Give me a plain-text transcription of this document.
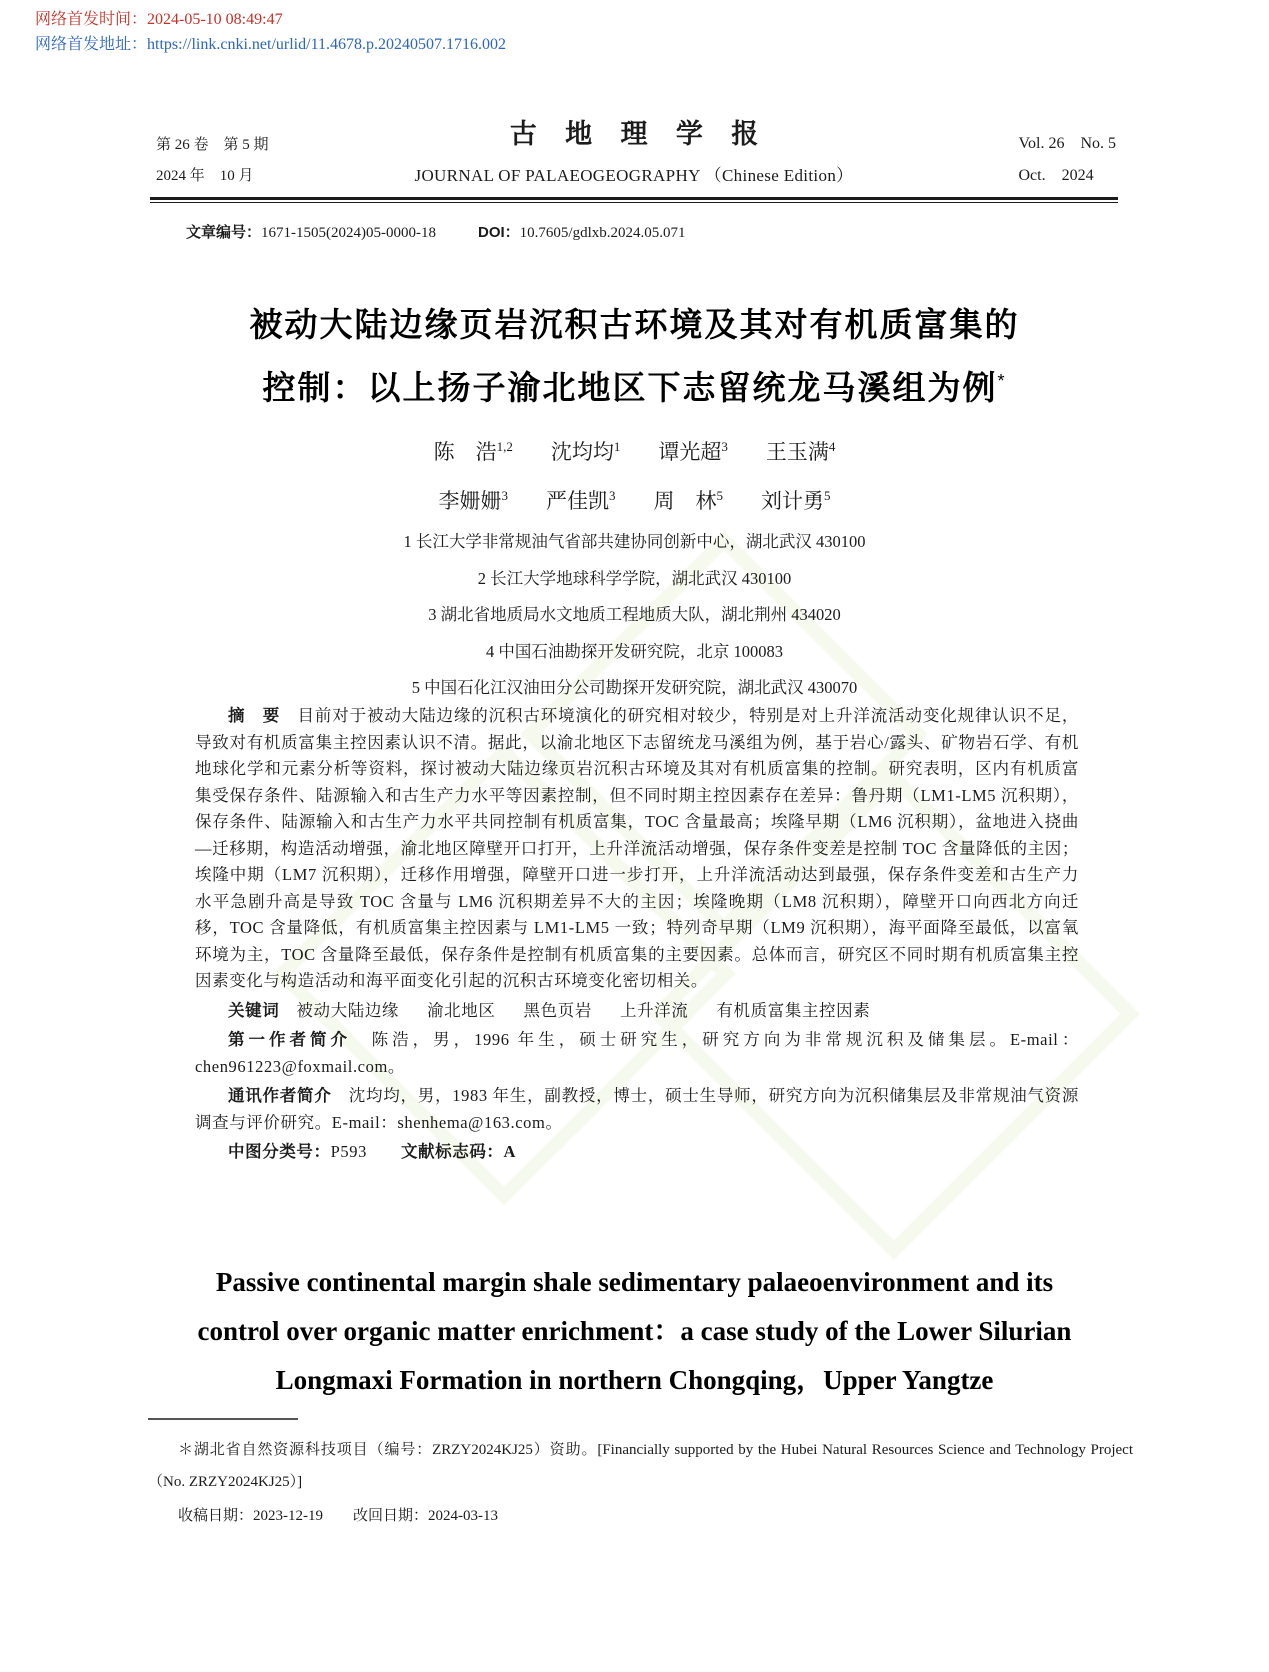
网络首发时间：2024-05-10 08:49:47
网络首发地址：https://link.cnki.net/urlid/11.4678.p.20240507.1716.002
第 26 卷　第 5 期
2024 年　10 月
古地理学报
JOURNAL OF PALAEOGEOGRAPHY （Chinese Edition）
Vol. 26　No. 5
Oct.　2024
文章编号：1671-1505(2024)05-0000-18	DOI：10.7605/gdlxb.2024.05.071
被动大陆边缘页岩沉积古环境及其对有机质富集的
控制：以上扬子渝北地区下志留统龙马溪组为例*
陈　浩$^{1,2}$ 沈均均$^1$ 谭光超$^3$ 王玉满$^4$
李姗姗$^3$ 严佳凯$^3$ 周　林$^5$ 刘计勇$^5$
1 长江大学非常规油气省部共建协同创新中心，湖北武汉 430100
2 长江大学地球科学学院，湖北武汉 430100
3 湖北省地质局水文地质工程地质大队，湖北荆州 434020
4 中国石油勘探开发研究院，北京 100083
5 中国石化江汉油田分公司勘探开发研究院，湖北武汉 430070

摘　要　目前对于被动大陆边缘的沉积古环境演化的研究相对较少，特别是对上升洋流活动变化规律认识不足，导致对有机质富集主控因素认识不清。据此，以渝北地区下志留统龙马溪组为例，基于岩心/露头、矿物岩石学、有机地球化学和元素分析等资料，探讨被动大陆边缘页岩沉积古环境及其对有机质富集的控制。研究表明，区内有机质富集受保存条件、陆源输入和古生产力水平等因素控制，但不同时期主控因素存在差异：鲁丹期（LM1-LM5 沉积期），保存条件、陆源输入和古生产力水平共同控制有机质富集，TOC 含量最高；埃隆早期（LM6 沉积期），盆地进入挠曲—迁移期，构造活动增强，渝北地区障壁开口打开，上升洋流活动增强，保存条件变差是控制 TOC 含量降低的主因；埃隆中期（LM7 沉积期），迁移作用增强，障壁开口进一步打开，上升洋流活动达到最强，保存条件变差和古生产力水平急剧升高是导致 TOC 含量与 LM6 沉积期差异不大的主因；埃隆晚期（LM8 沉积期），障壁开口向西北方向迁移，TOC 含量降低，有机质富集主控因素与 LM1-LM5 一致；特列奇早期（LM9 沉积期），海平面降至最低，以富氧环境为主，TOC 含量降至最低，保存条件是控制有机质富集的主要因素。总体而言，研究区不同时期有机质富集主控因素变化与构造活动和海平面变化引起的沉积古环境变化密切相关。

关键词　 被动大陆边缘 渝北地区 黑色页岩 上升洋流 有机质富集主控因素
第一作者简介　陈浩，男，1996 年生，硕士研究生，研究方向为非常规沉积及储集层。E-mail：chen961223@foxmail.com。
通讯作者简介　沈均均，男，1983 年生，副教授，博士，硕士生导师，研究方向为沉积储集层及非常规油气资源调查与评价研究。E-mail：shenhema@163.com。
中图分类号：P593 文献标志码：A
Passive continental margin shale sedimentary palaeoenvironment and its
control over organic matter enrichment：a case study of the Lower Silurian
Longmaxi Formation in northern Chongqing，Upper Yangtze
＊湖北省自然资源科技项目（编号：ZRZY2024KJ25）资助。[Financially supported by the Hubei Natural Resources Science and Technology Project（No. ZRZY2024KJ25）]
收稿日期：2023-12-19 改回日期：2024-03-13
